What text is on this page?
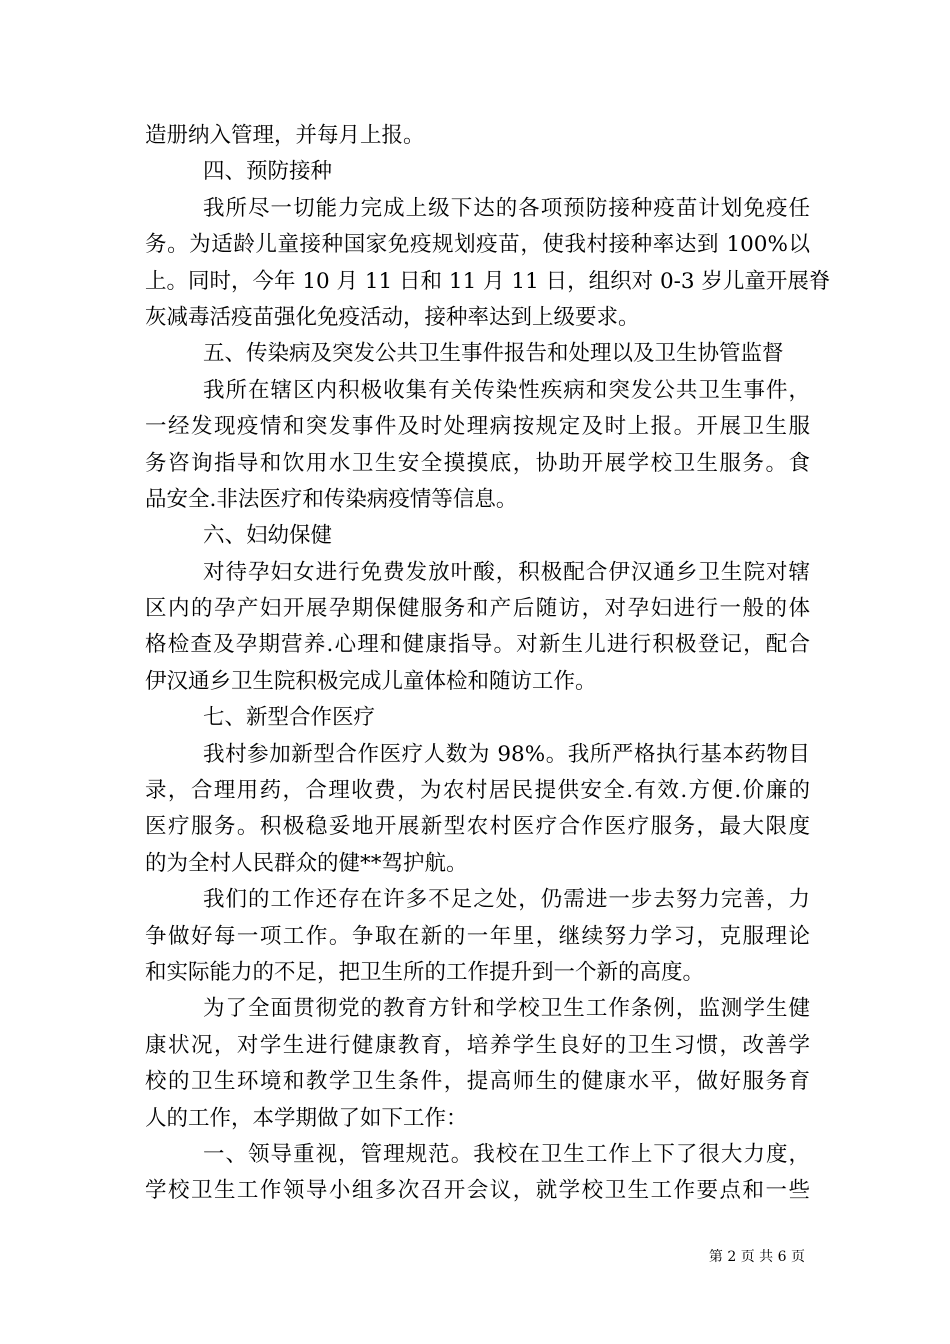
造册纳入管理，并每月上报。
四、预防接种
我所尽一切能力完成上级下达的各项预防接种疫苗计划免疫任
务。为适龄儿童接种国家免疫规划疫苗，使我村接种率达到 100%以
上。同时，今年 10 月 11 日和 11 月 11 日，组织对 0-3 岁儿童开展脊
灰减毒活疫苗强化免疫活动，接种率达到上级要求。
五、传染病及突发公共卫生事件报告和处理以及卫生协管监督
我所在辖区内积极收集有关传染性疾病和突发公共卫生事件，
一经发现疫情和突发事件及时处理病按规定及时上报。开展卫生服
务咨询指导和饮用水卫生安全摸摸底，协助开展学校卫生服务。食
品安全.非法医疗和传染病疫情等信息。
六、妇幼保健
对待孕妇女进行免费发放叶酸，积极配合伊汉通乡卫生院对辖
区内的孕产妇开展孕期保健服务和产后随访，对孕妇进行一般的体
格检查及孕期营养.心理和健康指导。对新生儿进行积极登记，配合
伊汉通乡卫生院积极完成儿童体检和随访工作。
七、新型合作医疗
我村参加新型合作医疗人数为 98%。我所严格执行基本药物目
录，合理用药，合理收费，为农村居民提供安全.有效.方便.价廉的
医疗服务。积极稳妥地开展新型农村医疗合作医疗服务，最大限度
的为全村人民群众的健**驾护航。
我们的工作还存在许多不足之处，仍需进一步去努力完善，力
争做好每一项工作。争取在新的一年里，继续努力学习，克服理论
和实际能力的不足，把卫生所的工作提升到一个新的高度。
为了全面贯彻党的教育方针和学校卫生工作条例，监测学生健
康状况，对学生进行健康教育，培养学生良好的卫生习惯，改善学
校的卫生环境和教学卫生条件，提高师生的健康水平，做好服务育
人的工作，本学期做了如下工作：
一、领导重视，管理规范。我校在卫生工作上下了很大力度，
学校卫生工作领导小组多次召开会议，就学校卫生工作要点和一些
第 2 页 共 6 页
